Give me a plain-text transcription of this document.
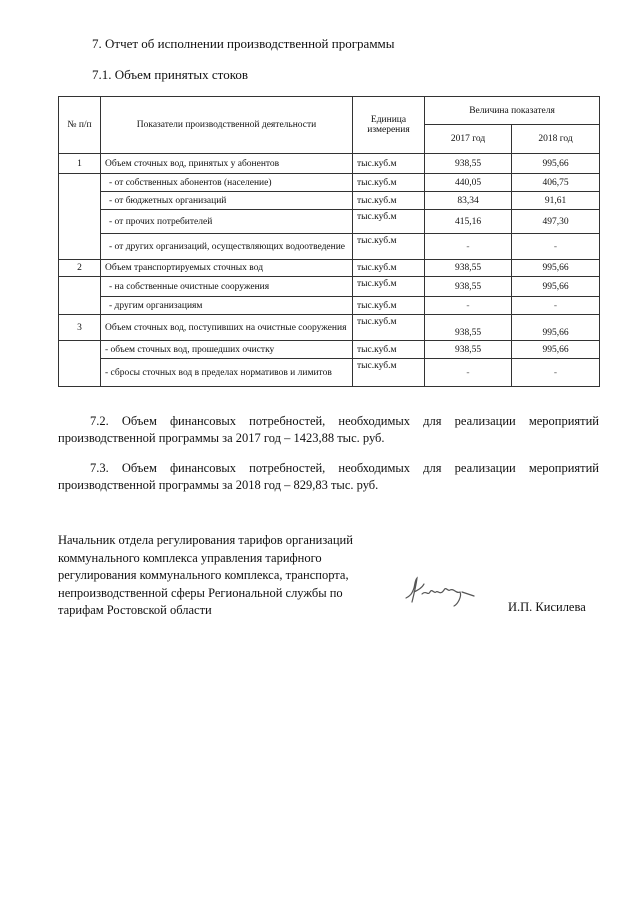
7. Отчет об исполнении производственной программы
7.1. Объем принятых стоков
№ п/п	Показатели производственной деятельности	Единица измерения	Величина показателя	
			2017 год	2018 год
1	Объем сточных вод, принятых у абонентов	тыс.куб.м	938,55	995,66
	- от собственных абонентов (население)	тыс.куб.м	440,05	406,75
	- от бюджетных организаций	тыс.куб.м	83,34	91,61
	- от прочих потребителей	тыс.куб.м	415,16	497,30
	- от других организаций, осуществляющих водоотведение	тыс.куб.м	-	-
2	Объем транспортируемых сточных вод	тыс.куб.м	938,55	995,66
	- на собственные очистные сооружения	тыс.куб.м	938,55	995,66
	- другим организациям	тыс.куб.м	-	-
3	Объем сточных вод, поступивших на очистные сооружения	тыс.куб.м	938,55	995,66
	- объем сточных вод, прошедших очистку	тыс.куб.м	938,55	995,66
	- сбросы сточных вод в пределах нормативов и лимитов	тыс.куб.м	-	-
7.2. Объем финансовых потребностей, необходимых для реализации мероприятий производственной программы за 2017 год – 1423,88 тыс. руб.
7.3. Объем финансовых потребностей, необходимых для реализации мероприятий производственной программы за 2018 год – 829,83 тыс. руб.
Начальник отдела регулирования тарифов организаций
коммунального комплекса управления тарифного
регулирования коммунального комплекса, транспорта,
непроизводственной сферы Региональной службы по
тарифам Ростовской области	И.П. Кисилева
